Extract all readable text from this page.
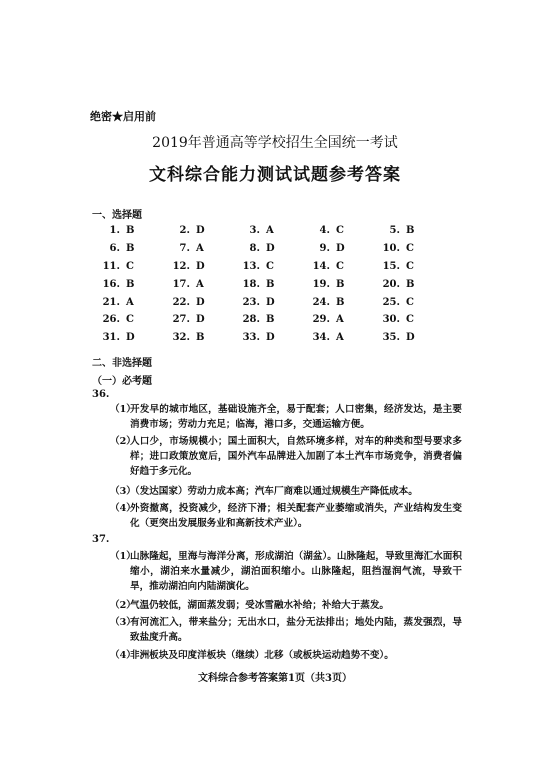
绝密★启用前
2019年普通高等学校招生全国统一考试
文科综合能力测试试题参考答案
一、选择题
1. B	2. D	3. A	4. C	5. B
6. B	7. A	8. D	9. D	10. C
11. C	12. D	13. C	14. C	15. C
16. B	17. A	18. B	19. B	20. B
21. A	22. D	23. D	24. B	25. C
26. C	27. D	28. B	29. A	30. C
31. D	32. B	33. D	34. A	35. D
二、非选择题
（一）必考题
36.
（1）
开发早的城市地区，基础设施齐全，易于配套；人口密集，经济发达，是主要消费市场；劳动力充足；临海，港口多，交通运输方便。
（2）
人口少，市场规模小；国土面积大，自然环境多样，对车的种类和型号要求多样；进口政策放宽后，国外汽车品牌进入加剧了本土汽车市场竞争，消费者偏好趋于多元化。
（3）
（发达国家）劳动力成本高；汽车厂商难以通过规模生产降低成本。
（4）
外资撤离，投资减少，经济下滑；相关配套产业萎缩或消失，产业结构发生变化（更突出发展服务业和高新技术产业）。
37.
（1）
山脉隆起，里海与海洋分离，形成湖泊（湖盆）。山脉隆起，导致里海汇水面积缩小，湖泊来水量减少，湖泊面积缩小。山脉隆起，阻挡湿润气流，导致干旱，推动湖泊向内陆湖演化。
（2）
气温仍较低，湖面蒸发弱；受冰雪融水补给；补给大于蒸发。
（3）
有河流汇入，带来盐分；无出水口，盐分无法排出；地处内陆，蒸发强烈，导致盐度升高。
（4）
非洲板块及印度洋板块（继续）北移（或板块运动趋势不变）。
文科综合参考答案第1页（共3页）
